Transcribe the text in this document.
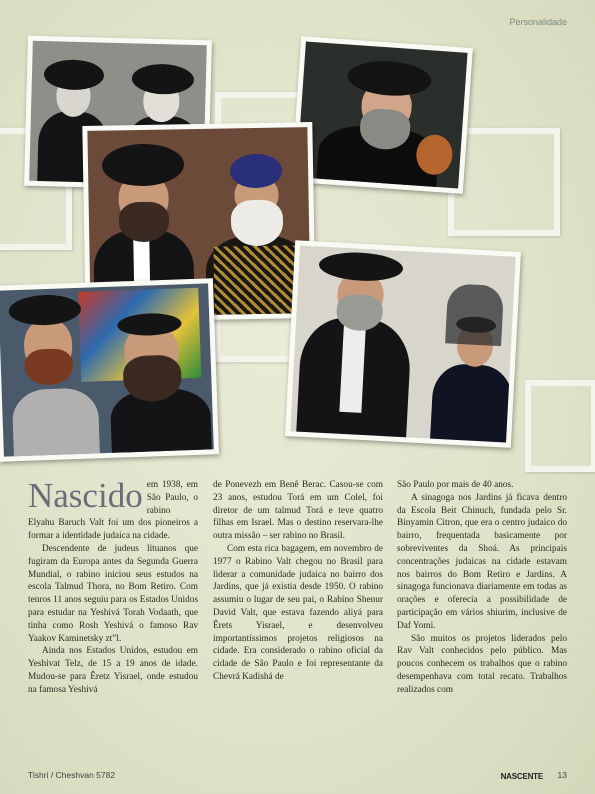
Personalidade

Nascido em 1938, em São Paulo, o rabino Elyahu Baruch Valt foi um dos pioneiros a formar a identidade judaica na cidade.

Descendente de judeus lituanos que fugiram da Europa antes da Segunda Guerra Mundial, o rabino iniciou seus estudos na escola Talmud Thora, no Bom Retiro. Com tenros 11 anos seguiu para os Estados Unidos para estudar na Yeshivá Torah Vodaath, que tinha como Rosh Yeshivá o famoso Rav Yaakov Kaminetsky zt”l.

Ainda nos Estados Unidos, estudou em Yeshivat Telz, de 15 a 19 anos de idade. Mudou-se para Êretz Yisrael, onde estudou na famosa Yeshivá

de Ponevezh em Benê Berac. Casou-se com 23 anos, estudou Torá em um Colel, foi diretor de um talmud Torá e teve quatro filhas em Israel. Mas o destino reservara-lhe outra missão – ser rabino no Brasil.

Com esta rica bagagem, em novembro de 1977 o Rabino Valt chegou no Brasil para liderar a comunidade judaica no bairro dos Jardins, que já existia desde 1950. O rabino assumiu o lugar de seu pai, o Rabino Shenur David Valt, que estava fazendo aliyá para Êrets Yisrael, e desenvolveu importantíssimos projetos religiosos na cidade. Era considerado o rabino oficial da cidade de São Paulo e foi representante da Chevrá Kadishá de

São Paulo por mais de 40 anos.

A sinagoga nos Jardins já ficava dentro da Escola Beit Chinuch, fundada pelo Sr. Binyamin Citron, que era o centro judaico do bairro, frequentada basicamente por sobreviventes da Shoá. As principais concentrações judaicas na cidade estavam nos bairros do Bom Retiro e Jardins. A sinagoga funcionava diariamente em todas as orações e oferecia a possibilidade de participação em vários shiurim, inclusive de Daf Yomi.

São muitos os projetos liderados pelo Rav Valt conhecidos pelo público. Mas poucos conhecem os trabalhos que o rabino desempenhava com total recato. Trabalhos realizados com

Tishri / Cheshvan 5782	NASCENTE 13
